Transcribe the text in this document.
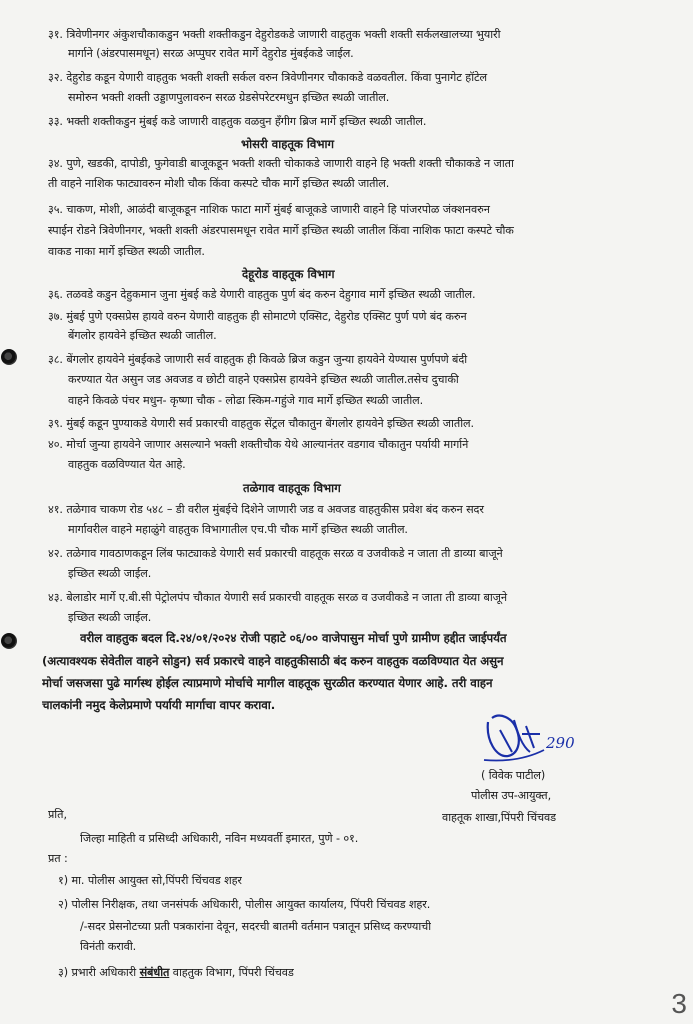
३१. त्रिवेणीनगर अंकुशचौकाकडुन भक्ती शक्तीकडुन देहुरोडकडे जाणारी वाहतुक भक्ती शक्ती सर्कलखालच्या भुयारी
मार्गाने (अंडरपासमधून) सरळ अप्पुघर रावेत मार्गे देहुरोड मुंबईकडे जाईल.
३२. देहुरोड कडून येणारी वाहतुक भक्ती शक्ती सर्कल वरुन त्रिवेणीनगर चौकाकडे वळवतील. किंवा पुनागेट हॉटेल
समोरुन भक्ती शक्ती उड्डाणपुलावरुन सरळ ग्रेडसेपरेटरमधुन इच्छित स्थळी जातील.
३३. भक्ती शक्तीकडुन मुंबई कडे जाणारी वाहतुक वळवुन हॅंगीग ब्रिज मार्गे इच्छित स्थळी जातील.
भोसरी वाहतूक विभाग
३४. पुणे, खडकी, दापोडी, फुगेवाडी बाजूकडून भक्ती शक्ती चोकाकडे जाणारी वाहने हि भक्ती शक्ती चौकाकडे न जाता
ती वाहने नाशिक फाट्यावरुन मोशी चौक किंवा कस्पटे चौक मार्गे इच्छित स्थळी जातील.
३५. चाकण, मोशी, आळंदी बाजूकडून नाशिक फाटा मार्गे मुंबई बाजूकडे जाणारी वाहने हि पांजरपोळ जंक्शनवरुन
स्पाईन रोडने त्रिवेणीनगर, भक्ती शक्ती अंडरपासमधून रावेत मार्गे इच्छित स्थळी जातील किंवा नाशिक फाटा कस्पटे चौक
वाकड नाका मार्गे इच्छित स्थळी जातील.
देहूरोड वाहतूक विभाग
३६. तळवडे कडुन देहुकमान जुना मुंबई कडे येणारी वाहतुक पुर्ण बंद करुन देहुगाव मार्गे इच्छित स्थळी जातील.
३७. मुंबई पुणे एक्सप्रेस हायवे वरुन येणारी वाहतुक ही सोमाटणे एक्सिट, देहुरोड एक्सिट पुर्ण पणे बंद करुन
बेंगलोर हायवेने इच्छित स्थळी जातील.
३८. बेंगलोर हायवेने मुंबईकडे जाणारी सर्व वाहतुक ही किवळे ब्रिज कडुन जुन्या हायवेने येण्यास पुर्णपणे बंदी
करण्यात येत असुन जड अवजड व छोटी वाहने एक्सप्रेस हायवेने इच्छित स्थळी जातील.तसेच दुचाकी
वाहने किवळे पंचर मधुन- कृष्णा चौक - लोढा स्किम-गहुंजे गाव मार्गे इच्छित स्थळी जातील.
३९. मुंबई कडून पुण्याकडे येणारी सर्व प्रकारची वाहतुक सेंट्रल चौकातुन बेंगलोर हायवेने इच्छित स्थळी जातील.
४०. मोर्चा जुन्या हायवेने जाणार असल्याने भक्ती शक्तीचौक येथे आल्यानंतर वडगाव चौकातुन पर्यायी मार्गाने
वाहतुक वळविण्यात येत आहे.
तळेगाव वाहतूक विभाग
४१. तळेगाव चाकण रोड ५४८ – डी वरील मुंबईचे दिशेने जाणारी जड व अवजड वाहतुकीस प्रवेश बंद करुन सदर
मार्गावरील वाहने महाळुंगे वाहतुक विभागातील एच.पी चौक मार्गे इच्छित स्थळी जातील.
४२. तळेगाव गावठाणकडून लिंब फाट्याकडे येणारी सर्व प्रकारची वाहतूक सरळ व उजवीकडे न जाता ती डाव्या बाजूने
इच्छित स्थळी जाईल.
४३. बेलाडोर मार्गे ए.बी.सी पेट्रोलपंप चौकात येणारी सर्व प्रकारची वाहतूक सरळ व उजवीकडे न जाता ती डाव्या बाजूने
इच्छित स्थळी जाईल.
वरील वाहतुक बदल दि.२४/०१/२०२४ रोजी पहाटे ०६/०० वाजेपासुन मोर्चा पुणे ग्रामीण हद्दीत जाईपर्यंत
(अत्यावश्यक सेवेतील वाहने सोडुन) सर्व प्रकारचे वाहने वाहतुकीसाठी बंद करुन वाहतुक वळविण्यात येत असुन
मोर्चा जसजसा पुढे मार्गस्थ होईल त्याप्रमाणे मोर्चाचे मागील वाहतूक सुरळीत करण्यात येणार आहे. तरी वाहन
चालकांनी नमुद केलेप्रमाणे पर्यायी मार्गाचा वापर करावा.
290
( विवेक पाटील)
पोलीस उप-आयुक्त,
वाहतूक शाखा,पिंपरी चिंचवड
प्रति,
जिल्हा माहिती व प्रसिध्दी अधिकारी, नविन मध्यवर्ती इमारत, पुणे - ०१.
प्रत :
१) मा. पोलीस आयुक्त सो,पिंपरी चिंचवड शहर
२) पोलीस निरीक्षक, तथा जनसंपर्क अधिकारी, पोलीस आयुक्त कार्यालय, पिंपरी चिंचवड शहर.
/-सदर प्रेसनोटच्या प्रती पत्रकारांना देवून, सदरची बातमी वर्तमान पत्रातून प्रसिध्द करण्याची
विनंती करावी.
३) प्रभारी अधिकारी संबंधीत वाहतुक विभाग, पिंपरी चिंचवड
3
